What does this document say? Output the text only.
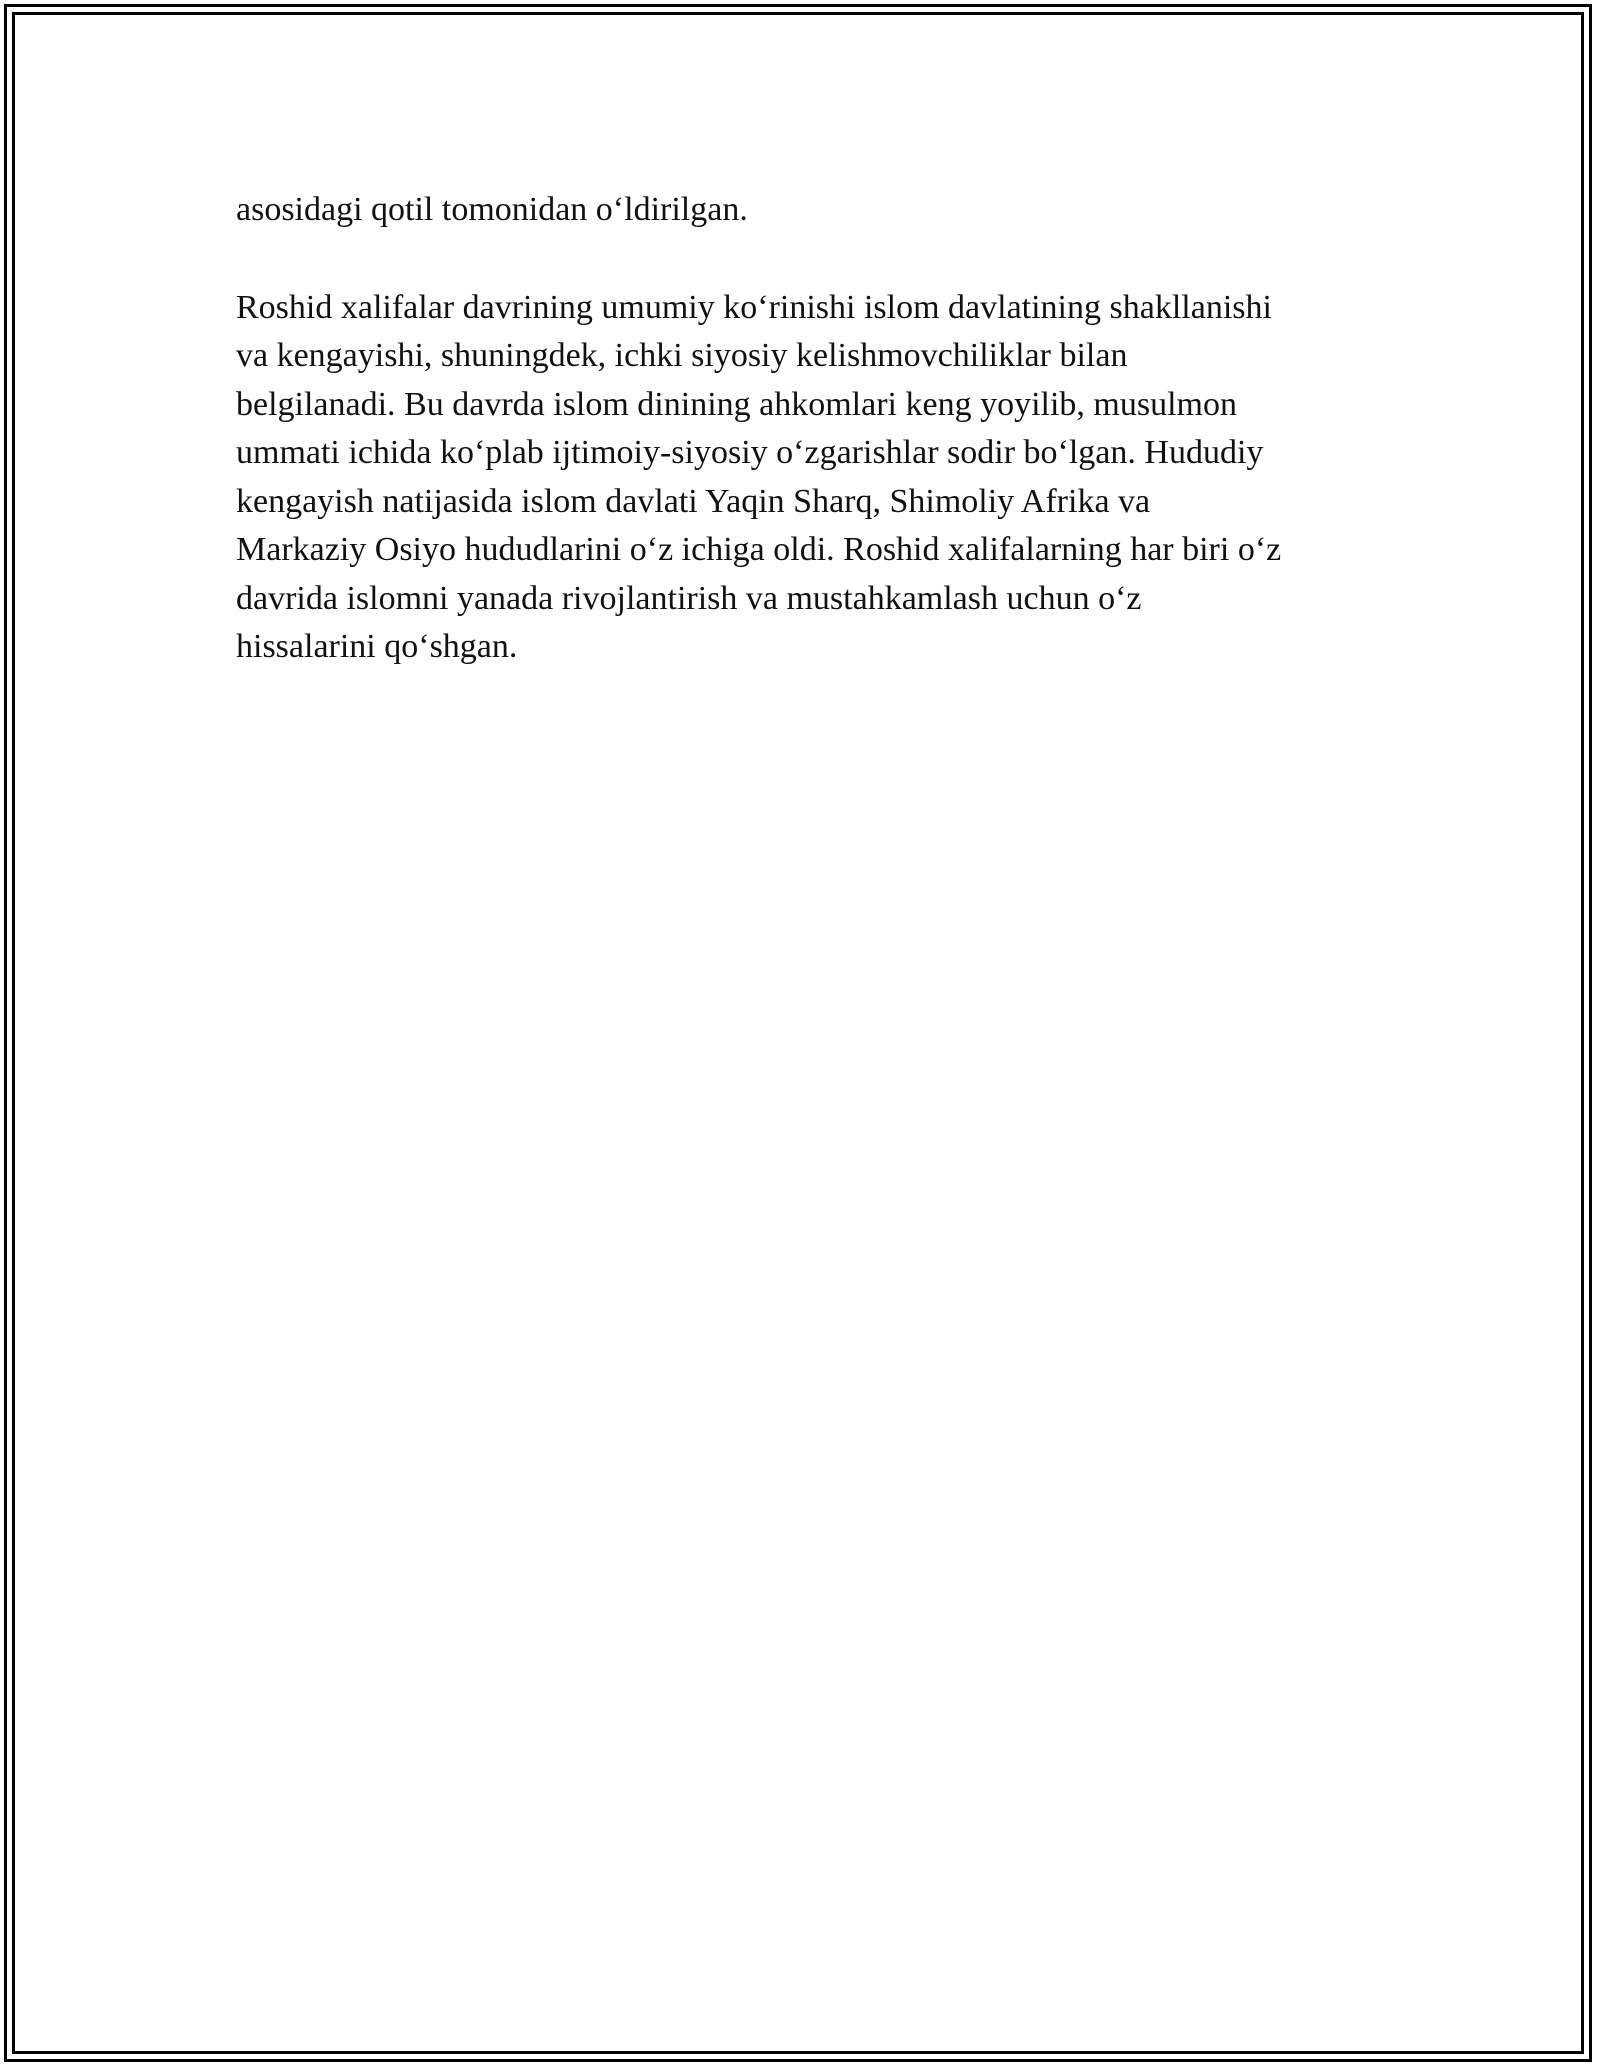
asosidagi qotil tomonidan o‘ldirilgan.

Roshid xalifalar davrining umumiy ko‘rinishi islom davlatining shakllanishi
va kengayishi, shuningdek, ichki siyosiy kelishmovchiliklar bilan
belgilanadi. Bu davrda islom dinining ahkomlari keng yoyilib, musulmon
ummati ichida ko‘plab ijtimoiy-siyosiy o‘zgarishlar sodir bo‘lgan. Hududiy
kengayish natijasida islom davlati Yaqin Sharq, Shimoliy Afrika va
Markaziy Osiyo hududlarini o‘z ichiga oldi. Roshid xalifalarning har biri o‘z
davrida islomni yanada rivojlantirish va mustahkamlash uchun o‘z
hissalarini qo‘shgan.
